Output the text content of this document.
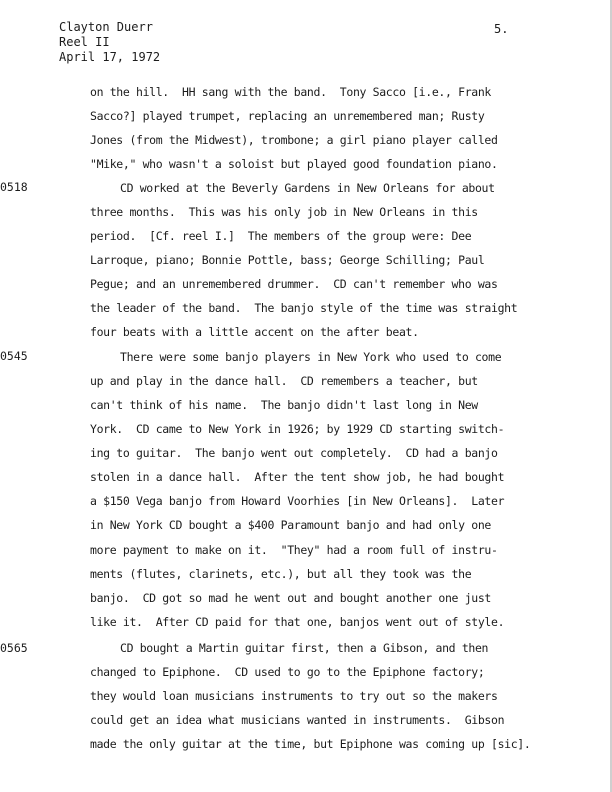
Clayton Duerr
Reel II
April 17, 1972
5.
0518
0545
0565
on the hill.  HH sang with the band.  Tony Sacco [i.e., Frank
Sacco?] played trumpet, replacing an unremembered man; Rusty
Jones (from the Midwest), trombone; a girl piano player called
"Mike," who wasn't a soloist but played good foundation piano.
CD worked at the Beverly Gardens in New Orleans for about
three months.  This was his only job in New Orleans in this
period.  [Cf. reel I.]  The members of the group were: Dee
Larroque, piano; Bonnie Pottle, bass; George Schilling; Paul
Pegue; and an unremembered drummer.  CD can't remember who was
the leader of the band.  The banjo style of the time was straight
four beats with a little accent on the after beat.
There were some banjo players in New York who used to come
up and play in the dance hall.  CD remembers a teacher, but
can't think of his name.  The banjo didn't last long in New
York.  CD came to New York in 1926; by 1929 CD starting switch-
ing to guitar.  The banjo went out completely.  CD had a banjo
stolen in a dance hall.  After the tent show job, he had bought
a $150 Vega banjo from Howard Voorhies [in New Orleans].  Later
in New York CD bought a $400 Paramount banjo and had only one
more payment to make on it.  "They" had a room full of instru-
ments (flutes, clarinets, etc.), but all they took was the
banjo.  CD got so mad he went out and bought another one just
like it.  After CD paid for that one, banjos went out of style.
CD bought a Martin guitar first, then a Gibson, and then
changed to Epiphone.  CD used to go to the Epiphone factory;
they would loan musicians instruments to try out so the makers
could get an idea what musicians wanted in instruments.  Gibson
made the only guitar at the time, but Epiphone was coming up [sic].
